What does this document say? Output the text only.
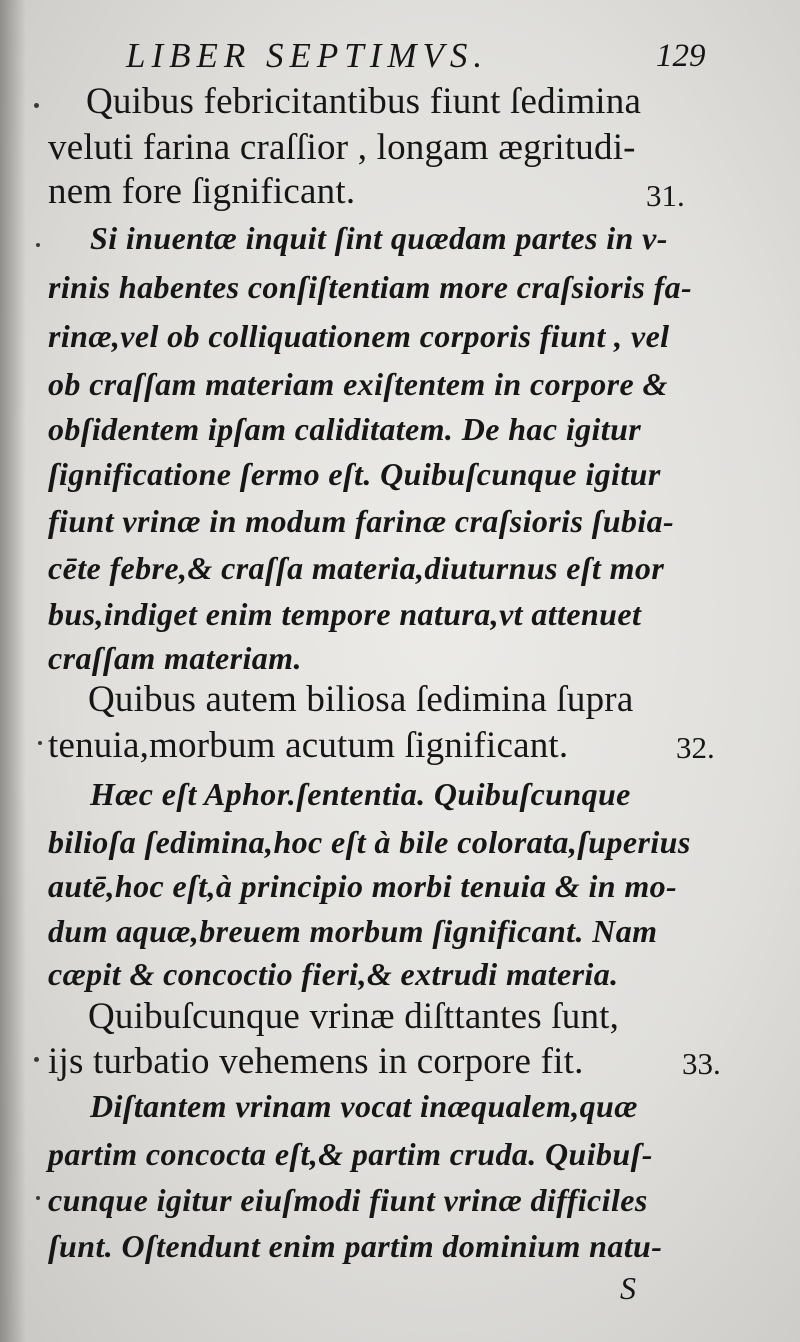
LIBER SEPTIMVS.	129
Quibus febricitantibus fiunt ſedimina
veluti farina craſſior , longam ægritudi-
nem fore ſignificant.	31.
Si inuentæ inquit ſint quædam partes in v-
rinis habentes conſiſtentiam more craſsioris fa-
rinæ,vel ob colliquationem corporis fiunt , vel
ob craſſam materiam exiſtentem in corpore &
obſidentem ipſam caliditatem. De hac igitur
ſignificatione ſermo eſt. Quibuſcunque igitur
fiunt vrinæ in modum farinæ craſsioris ſubia-
cēte febre,& craſſa materia,diuturnus eſt mor
bus,indiget enim tempore natura,vt attenuet
craſſam materiam.
Quibus autem biliosa ſedimina ſupra
tenuia,morbum acutum ſignificant.	32.
Hæc eſt Aphor.ſententia. Quibuſcunque
bilioſa ſedimina,hoc eſt à bile colorata,ſuperius
autē,hoc eſt,à principio morbi tenuia & in mo-
dum aquæ,breuem morbum ſignificant. Nam
cæpit & concoctio fieri,& extrudi materia.
Quibuſcunque vrinæ diſttantes ſunt,
ijs turbatio vehemens in corpore fit.	33.
Diſtantem vrinam vocat inæqualem,quæ
partim concocta eſt,& partim cruda. Quibuſ-
cunque igitur eiuſmodi fiunt vrinæ difficiles
ſunt. Oſtendunt enim partim dominium natu-
S
